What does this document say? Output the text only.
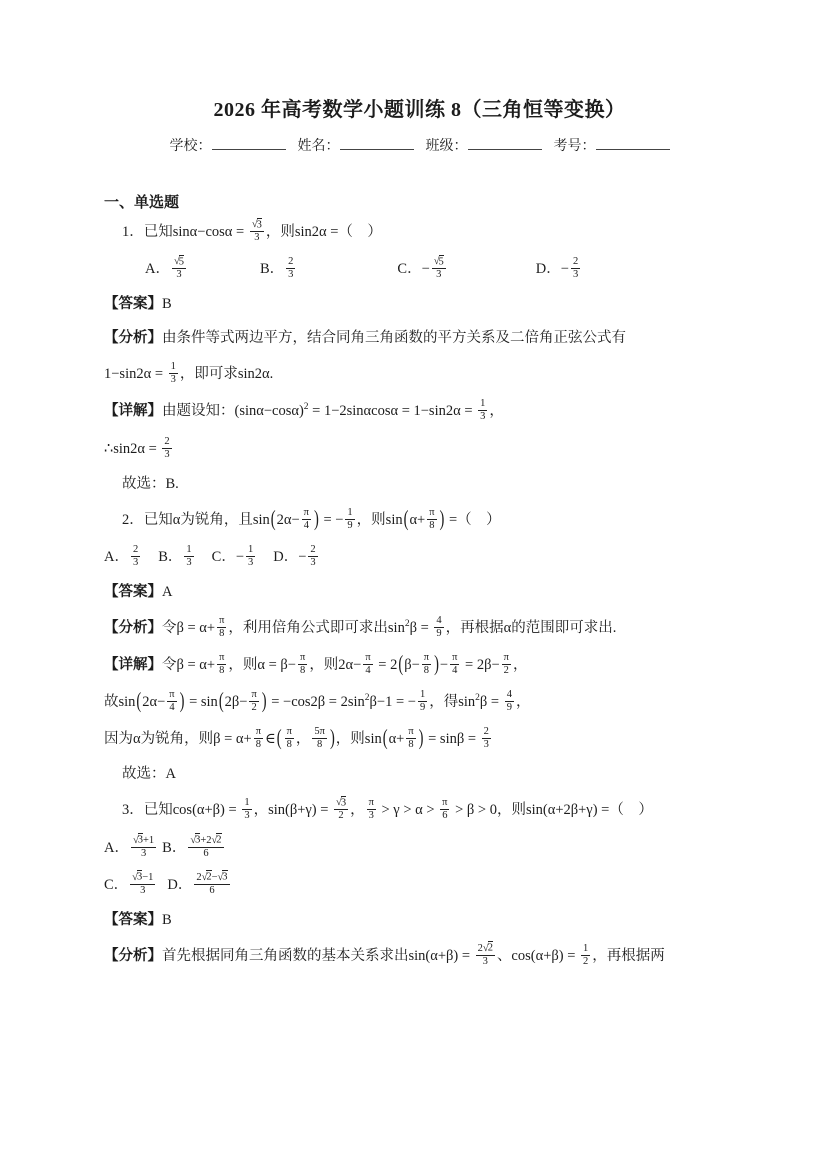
2026 年高考数学小题训练 8（三角恒等变换）
学校：	姓名：	班级：	考号：
一、单选题
1．已知$\sin\alpha-\cos\alpha = \frac{√3}{3}$ ，则sin2α =（　）
A． $\frac{√5}{3}$	B． $\frac{2}{3}$	C．− $\frac{√5}{3}$	D．− $\frac{2}{3}$
【答案】B
【分析】由条件等式两边平方，结合同角三角函数的平方关系及二倍角正弦公式有
$1-\sin 2\alpha = \frac{1}{3}$ ，即可求sin2α.
【详解】由题设知：$(\sin\alpha-\cos\alpha)^2 = 1-2\sin\alpha\cos\alpha = 1-\sin 2\alpha = \frac{1}{3}$ ，
∴sin2α = $\frac{2}{3}$
故选：B.
2．已知α为锐角，且$\sin(2\alpha- \frac{\pi}{4}$ ) = − $\frac{1}{9}$ ，则$\sin(\alpha+ \frac{\pi}{8}$ ) =（　）
A． $\frac{2}{3}$ B． $\frac{1}{3}$ C．− $\frac{1}{3}$ D．− $\frac{2}{3}$
【答案】A
【分析】令$\beta = \alpha+ \frac{\pi}{8}$ ，利用倍角公式即可求出$\sin^2\beta = \frac{4}{9}$ ，再根据α的范围即可求出.
【详解】令$\beta = \alpha+ \frac{\pi}{8}$ ，则$\alpha = \beta- \frac{\pi}{8}$ ，则$2\alpha- \frac{\pi}{4} = 2(\beta- \frac{\pi}{8}$ )− $\frac{\pi}{4} = 2\beta- \frac{\pi}{2}$ ，
故$\sin(2\alpha- \frac{\pi}{4}$ ) = $\sin(2\beta- \frac{\pi}{2}$ ) = $-\cos 2\beta = 2\sin^2\beta-1$ = − $\frac{1}{9}$ ，得$\sin^2\beta = \frac{4}{9}$ ，
因为α为锐角，则$\beta = \alpha+ \frac{\pi}{8}$ ∈( $\frac{\pi}{8}$ ， $\frac{5\pi}{8}$ )，则$\sin(\alpha+ \frac{\pi}{8}$ ) = $\sin\beta = \frac{2}{3}$
故选：A
3．已知$\cos(\alpha+\beta) = \frac{1}{3}$ ，$\sin(\beta+\gamma) = \frac{√3}{2}$ ， $\frac{\pi}{3} > \gamma > \alpha > \frac{\pi}{6} > \beta > 0$，则sin(α+2β+γ) =（　）
A． $\frac{√3+1}{3}$ B． $\frac{√3+2√2}{6}$
C． $\frac{√3-1}{3}$ D． $\frac{2√2-√3}{6}$
【答案】B
【分析】首先根据同角三角函数的基本关系求出$\sin(\alpha+\beta) = \frac{2√2}{3}$ 、$\cos(\alpha+\beta) = \frac{1}{2}$ ，再根据两
